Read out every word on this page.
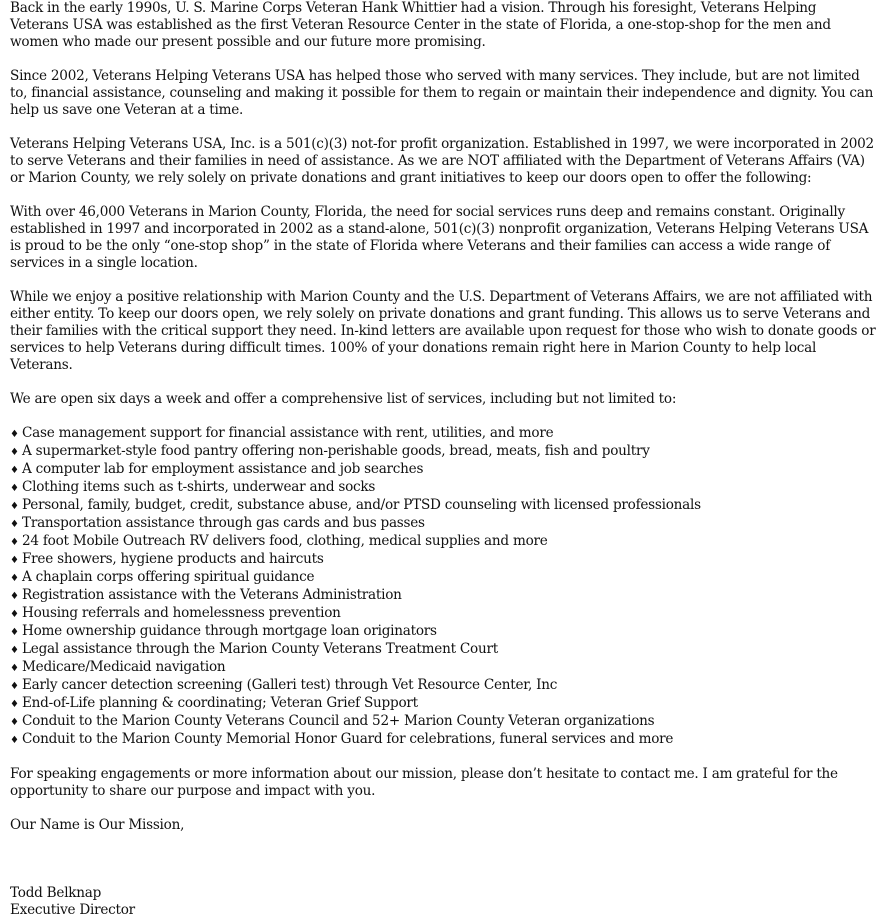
Back in the early 1990s, U. S. Marine Corps Veteran Hank Whittier had a vision. Through his foresight, Veterans Helping Veterans USA was established as the first Veteran Resource Center in the state of Florida, a one-stop-shop for the men and women who made our present possible and our future more promising.

Since 2002, Veterans Helping Veterans USA has helped those who served with many services. They include, but are not limited to, financial assistance, counseling and making it possible for them to regain or maintain their independence and dignity. You can help us save one Veteran at a time.

Veterans Helping Veterans USA, Inc. is a 501(c)(3) not-for profit organization. Established in 1997, we were incorporated in 2002 to serve Veterans and their families in need of assistance. As we are NOT affiliated with the Department of Veterans Affairs (VA) or Marion County, we rely solely on private donations and grant initiatives to keep our doors open to offer the following:

With over 46,000 Veterans in Marion County, Florida, the need for social services runs deep and remains constant. Originally established in 1997 and incorporated in 2002 as a stand-alone, 501(c)(3) nonprofit organization, Veterans Helping Veterans USA is proud to be the only “one-stop shop” in the state of Florida where Veterans and their families can access a wide range of services in a single location.

While we enjoy a positive relationship with Marion County and the U.S. Department of Veterans Affairs, we are not affiliated with either entity. To keep our doors open, we rely solely on private donations and grant funding. This allows us to serve Veterans and their families with the critical support they need. In-kind letters are available upon request for those who wish to donate goods or services to help Veterans during difficult times. 100% of your donations remain right here in Marion County to help local Veterans.

We are open six days a week and offer a comprehensive list of services, including but not limited to:

♦ Case management support for financial assistance with rent, utilities, and more
♦ A supermarket-style food pantry offering non-perishable goods, bread, meats, fish and poultry
♦ A computer lab for employment assistance and job searches
♦ Clothing items such as t-shirts, underwear and socks
♦ Personal, family, budget, credit, substance abuse, and/or PTSD counseling with licensed professionals
♦ Transportation assistance through gas cards and bus passes
♦ 24 foot Mobile Outreach RV delivers food, clothing, medical supplies and more
♦ Free showers, hygiene products and haircuts
♦ A chaplain corps offering spiritual guidance
♦ Registration assistance with the Veterans Administration
♦ Housing referrals and homelessness prevention
♦ Home ownership guidance through mortgage loan originators
♦ Legal assistance through the Marion County Veterans Treatment Court
♦ Medicare/Medicaid navigation
♦ Early cancer detection screening (Galleri test) through Vet Resource Center, Inc
♦ End-of-Life planning & coordinating; Veteran Grief Support
♦ Conduit to the Marion County Veterans Council and 52+ Marion County Veteran organizations
♦ Conduit to the Marion County Memorial Honor Guard for celebrations, funeral services and more

For speaking engagements or more information about our mission, please don’t hesitate to contact me. I am grateful for the opportunity to share our purpose and impact with you.

Our Name is Our Mission,

Todd Belknap

Executive Director
